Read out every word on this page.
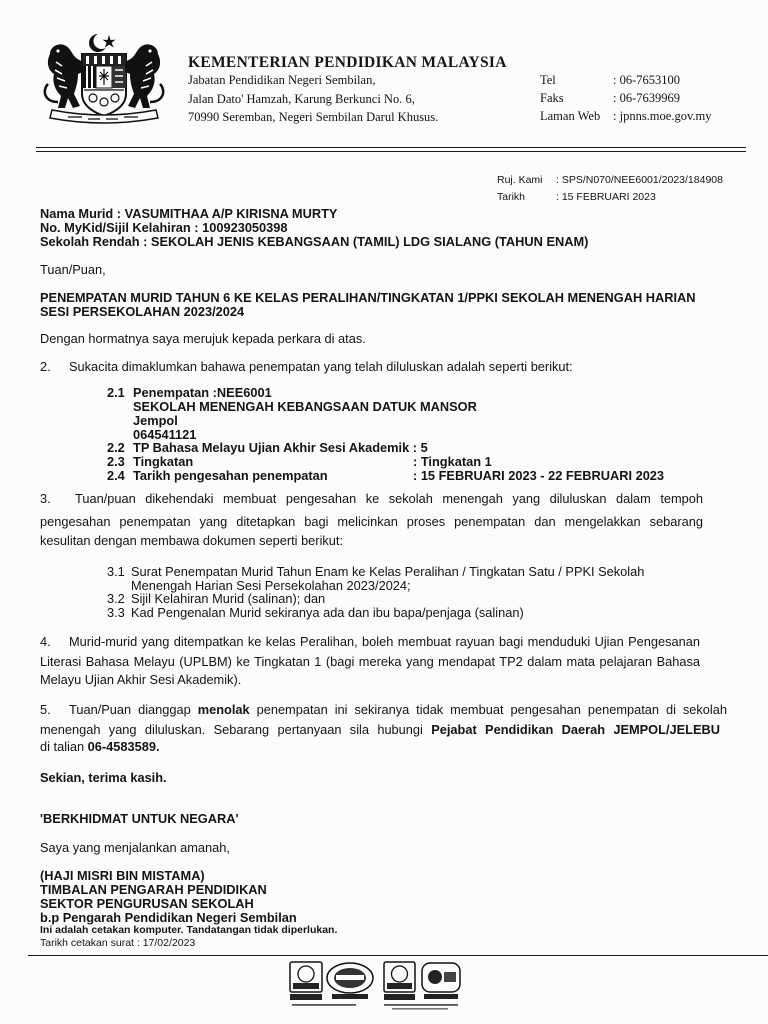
KEMENTERIAN PENDIDIKAN MALAYSIA
Jabatan Pendidikan Negeri Sembilan,
Jalan Dato' Hamzah, Karung Berkunci No. 6,
70990 Seremban, Negeri Sembilan Darul Khusus.
Tel	: 06-7653100
Faks	: 06-7639969
Laman Web : jpnns.moe.gov.my
Ruj. Kami : SPS/N070/NEE6001/2023/184908
Tarikh	: 15 FEBRUARI 2023
Nama Murid : VASUMITHAA A/P KIRISNA MURTY
No. MyKid/Sijil Kelahiran : 100923050398
Sekolah Rendah : SEKOLAH JENIS KEBANGSAAN (TAMIL) LDG SIALANG (TAHUN ENAM)
Tuan/Puan,
PENEMPATAN MURID TAHUN 6 KE KELAS PERALIHAN/TINGKATAN 1/PPKI SEKOLAH MENENGAH HARIAN
SESI PERSEKOLAHAN 2023/2024
Dengan hormatnya saya merujuk kepada perkara di atas.
2. Sukacita dimaklumkan bahawa penempatan yang telah diluluskan adalah seperti berikut:
2.1 Penempatan :NEE6001
SEKOLAH MENENGAH KEBANGSAAN DATUK MANSOR
Jempol
064541121
2.2 TP Bahasa Melayu Ujian Akhir Sesi Akademik : 5
2.3 Tingkatan	: Tingkatan 1
2.4 Tarikh pengesahan penempatan	: 15 FEBRUARI 2023 - 22 FEBRUARI 2023
3. Tuan/puan dikehendaki membuat pengesahan ke sekolah menengah yang diluluskan dalam tempoh
pengesahan penempatan yang ditetapkan bagi melicinkan proses penempatan dan mengelakkan sebarang
kesulitan dengan membawa dokumen seperti berikut:
3.1 Surat Penempatan Murid Tahun Enam ke Kelas Peralihan / Tingkatan Satu / PPKI Sekolah
Menengah Harian Sesi Persekolahan 2023/2024;
3.2 Sijil Kelahiran Murid (salinan); dan
3.3 Kad Pengenalan Murid sekiranya ada dan ibu bapa/penjaga (salinan)
4. Murid-murid yang ditempatkan ke kelas Peralihan, boleh membuat rayuan bagi menduduki Ujian Pengesanan
Literasi Bahasa Melayu (UPLBM) ke Tingkatan 1 (bagi mereka yang mendapat TP2 dalam mata pelajaran Bahasa
Melayu Ujian Akhir Sesi Akademik).
5. Tuan/Puan dianggap menolak penempatan ini sekiranya tidak membuat pengesahan penempatan di sekolah
menengah yang diluluskan. Sebarang pertanyaan sila hubungi Pejabat Pendidikan Daerah JEMPOL/JELEBU
di talian 06-4583589.
Sekian, terima kasih.
'BERKHIDMAT UNTUK NEGARA'
Saya yang menjalankan amanah,
(HAJI MISRI BIN MISTAMA)
TIMBALAN PENGARAH PENDIDIKAN
SEKTOR PENGURUSAN SEKOLAH
b.p Pengarah Pendidikan Negeri Sembilan
Ini adalah cetakan komputer. Tandatangan tidak diperlukan.
Tarikh cetakan surat : 17/02/2023
